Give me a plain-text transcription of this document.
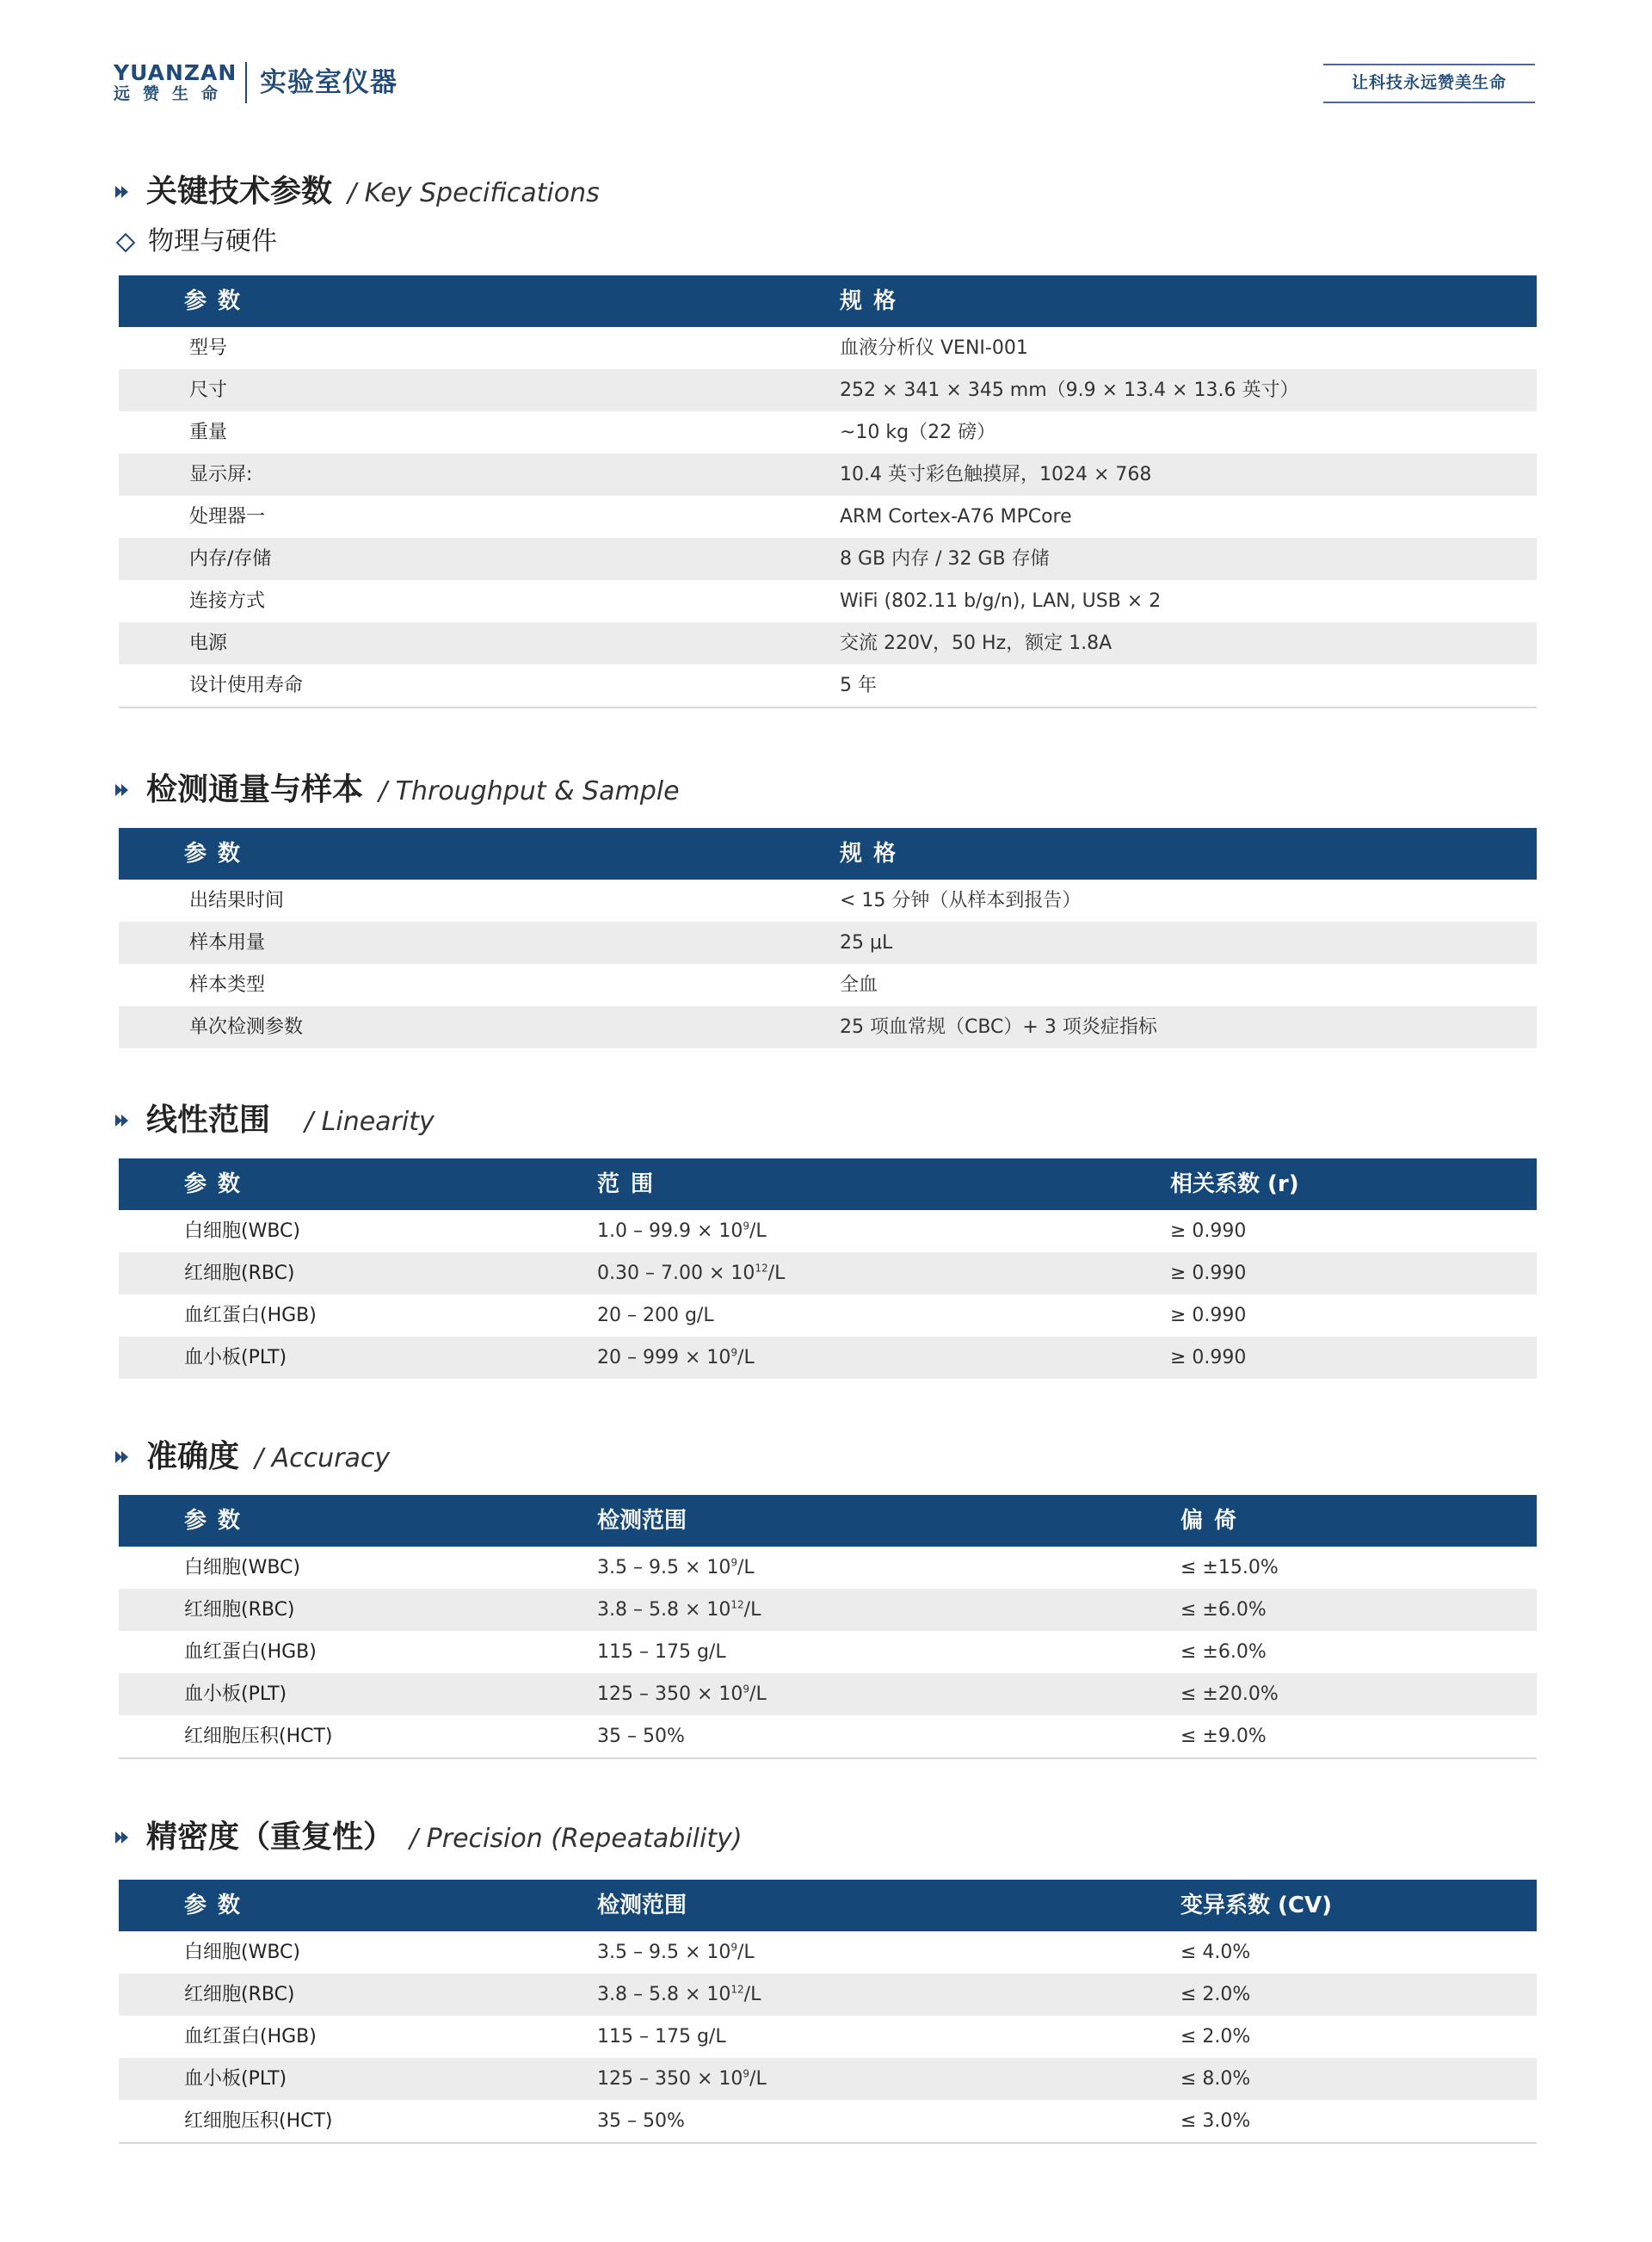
YUANZAN
远赞生命 实验室仪器	让科技永远赞美生命
关键技术参数 / Key Specifications
物理与硬件
参 数	规 格
型号	血液分析仪 VENI-001
尺寸	252 × 341 × 345 mm（9.9 × 13.4 × 13.6 英寸）
重量	~10 kg（22 磅）
显示屏:	10.4 英寸彩色触摸屏，1024 × 768
处理器一	ARM Cortex-A76 MPCore
内存/存储	8 GB 内存 / 32 GB 存储
连接方式	WiFi (802.11 b/g/n), LAN, USB × 2
电源	交流 220V，50 Hz，额定 1.8A
设计使用寿命	5 年
检测通量与样本 / Throughput & Sample
参 数	规 格
出结果时间	< 15 分钟（从样本到报告）
样本用量	25 μL
样本类型	全血
单次检测参数	25 项血常规（CBC）+ 3 项炎症指标
线性范围 / Linearity
参 数	范 围	相关系数 (r)
白细胞(WBC)	$1.0 - 99.9 \times 10^9/L$	≥ 0.990
红细胞(RBC)	$0.30 - 7.00 \times 10^{12}/L$	≥ 0.990
血红蛋白(HGB)	20 – 200 g/L	≥ 0.990
血小板(PLT)	$20 - 999 \times 10^9/L$	≥ 0.990
准确度 / Accuracy
参 数	检测范围	偏 倚
白细胞(WBC)	$3.5 - 9.5 \times 10^9/L$	≤ ±15.0%
红细胞(RBC)	$3.8 - 5.8 \times 10^{12}/L$	≤ ±6.0%
血红蛋白(HGB)	115 – 175 g/L	≤ ±6.0%
血小板(PLT)	$125 - 350 \times 10^9/L$	≤ ±20.0%
红细胞压积(HCT)	35 – 50%	≤ ±9.0%
精密度（重复性） / Precision (Repeatability)
参 数	检测范围	变异系数 (CV)
白细胞(WBC)	$3.5 - 9.5 \times 10^9/L$	≤ 4.0%
红细胞(RBC)	$3.8 - 5.8 \times 10^{12}/L$	≤ 2.0%
血红蛋白(HGB)	115 – 175 g/L	≤ 2.0%
血小板(PLT)	$125 - 350 \times 10^9/L$	≤ 8.0%
红细胞压积(HCT)	35 – 50%	≤ 3.0%
